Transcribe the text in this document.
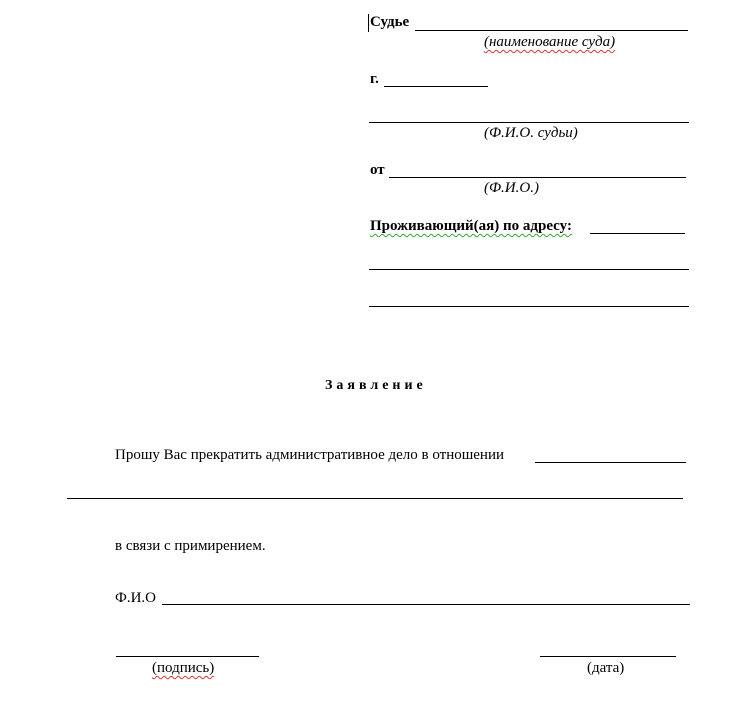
Судье
(наименование суда)
г.
(Ф.И.О. судьи)
от
(Ф.И.О.)
Проживающий(ая) по адресу:
Заявление
Прошу Вас прекратить административное дело в отношении
в связи с примирением.
Ф.И.О
(подпись)	(дата)
